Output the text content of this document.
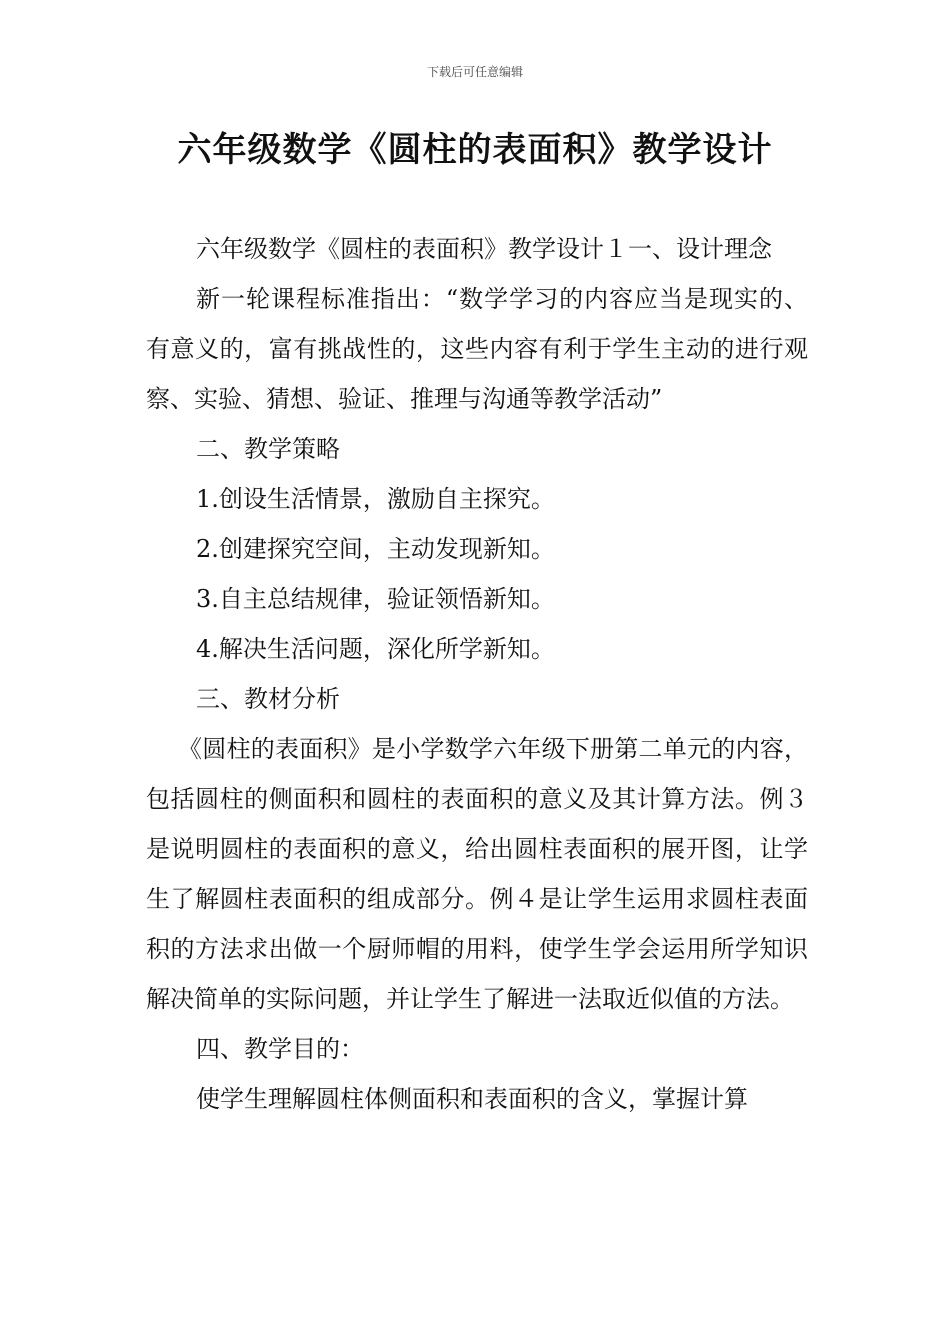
下载后可任意编辑
六年级数学《圆柱的表面积》教学设计

六年级数学《圆柱的表面积》教学设计１一、设计理念

新一轮课程标准指出：“数学学习的内容应当是现实的、有意义的，富有挑战性的，这些内容有利于学生主动的进行观察、实验、猜想、验证、推理与沟通等教学活动”

二、教学策略

1.创设生活情景，激励自主探究。

2.创建探究空间，主动发现新知。

3.自主总结规律，验证领悟新知。

4.解决生活问题，深化所学新知。

三、教材分析

《圆柱的表面积》是小学数学六年级下册第二单元的内容，包括圆柱的侧面积和圆柱的表面积的意义及其计算方法。例３是说明圆柱的表面积的意义，给出圆柱表面积的展开图，让学生了解圆柱表面积的组成部分。例４是让学生运用求圆柱表面积的方法求出做一个厨师帽的用料，使学生学会运用所学知识解决简单的实际问题，并让学生了解进一法取近似值的方法。

四、教学目的：

使学生理解圆柱体侧面积和表面积的含义，掌握计算
